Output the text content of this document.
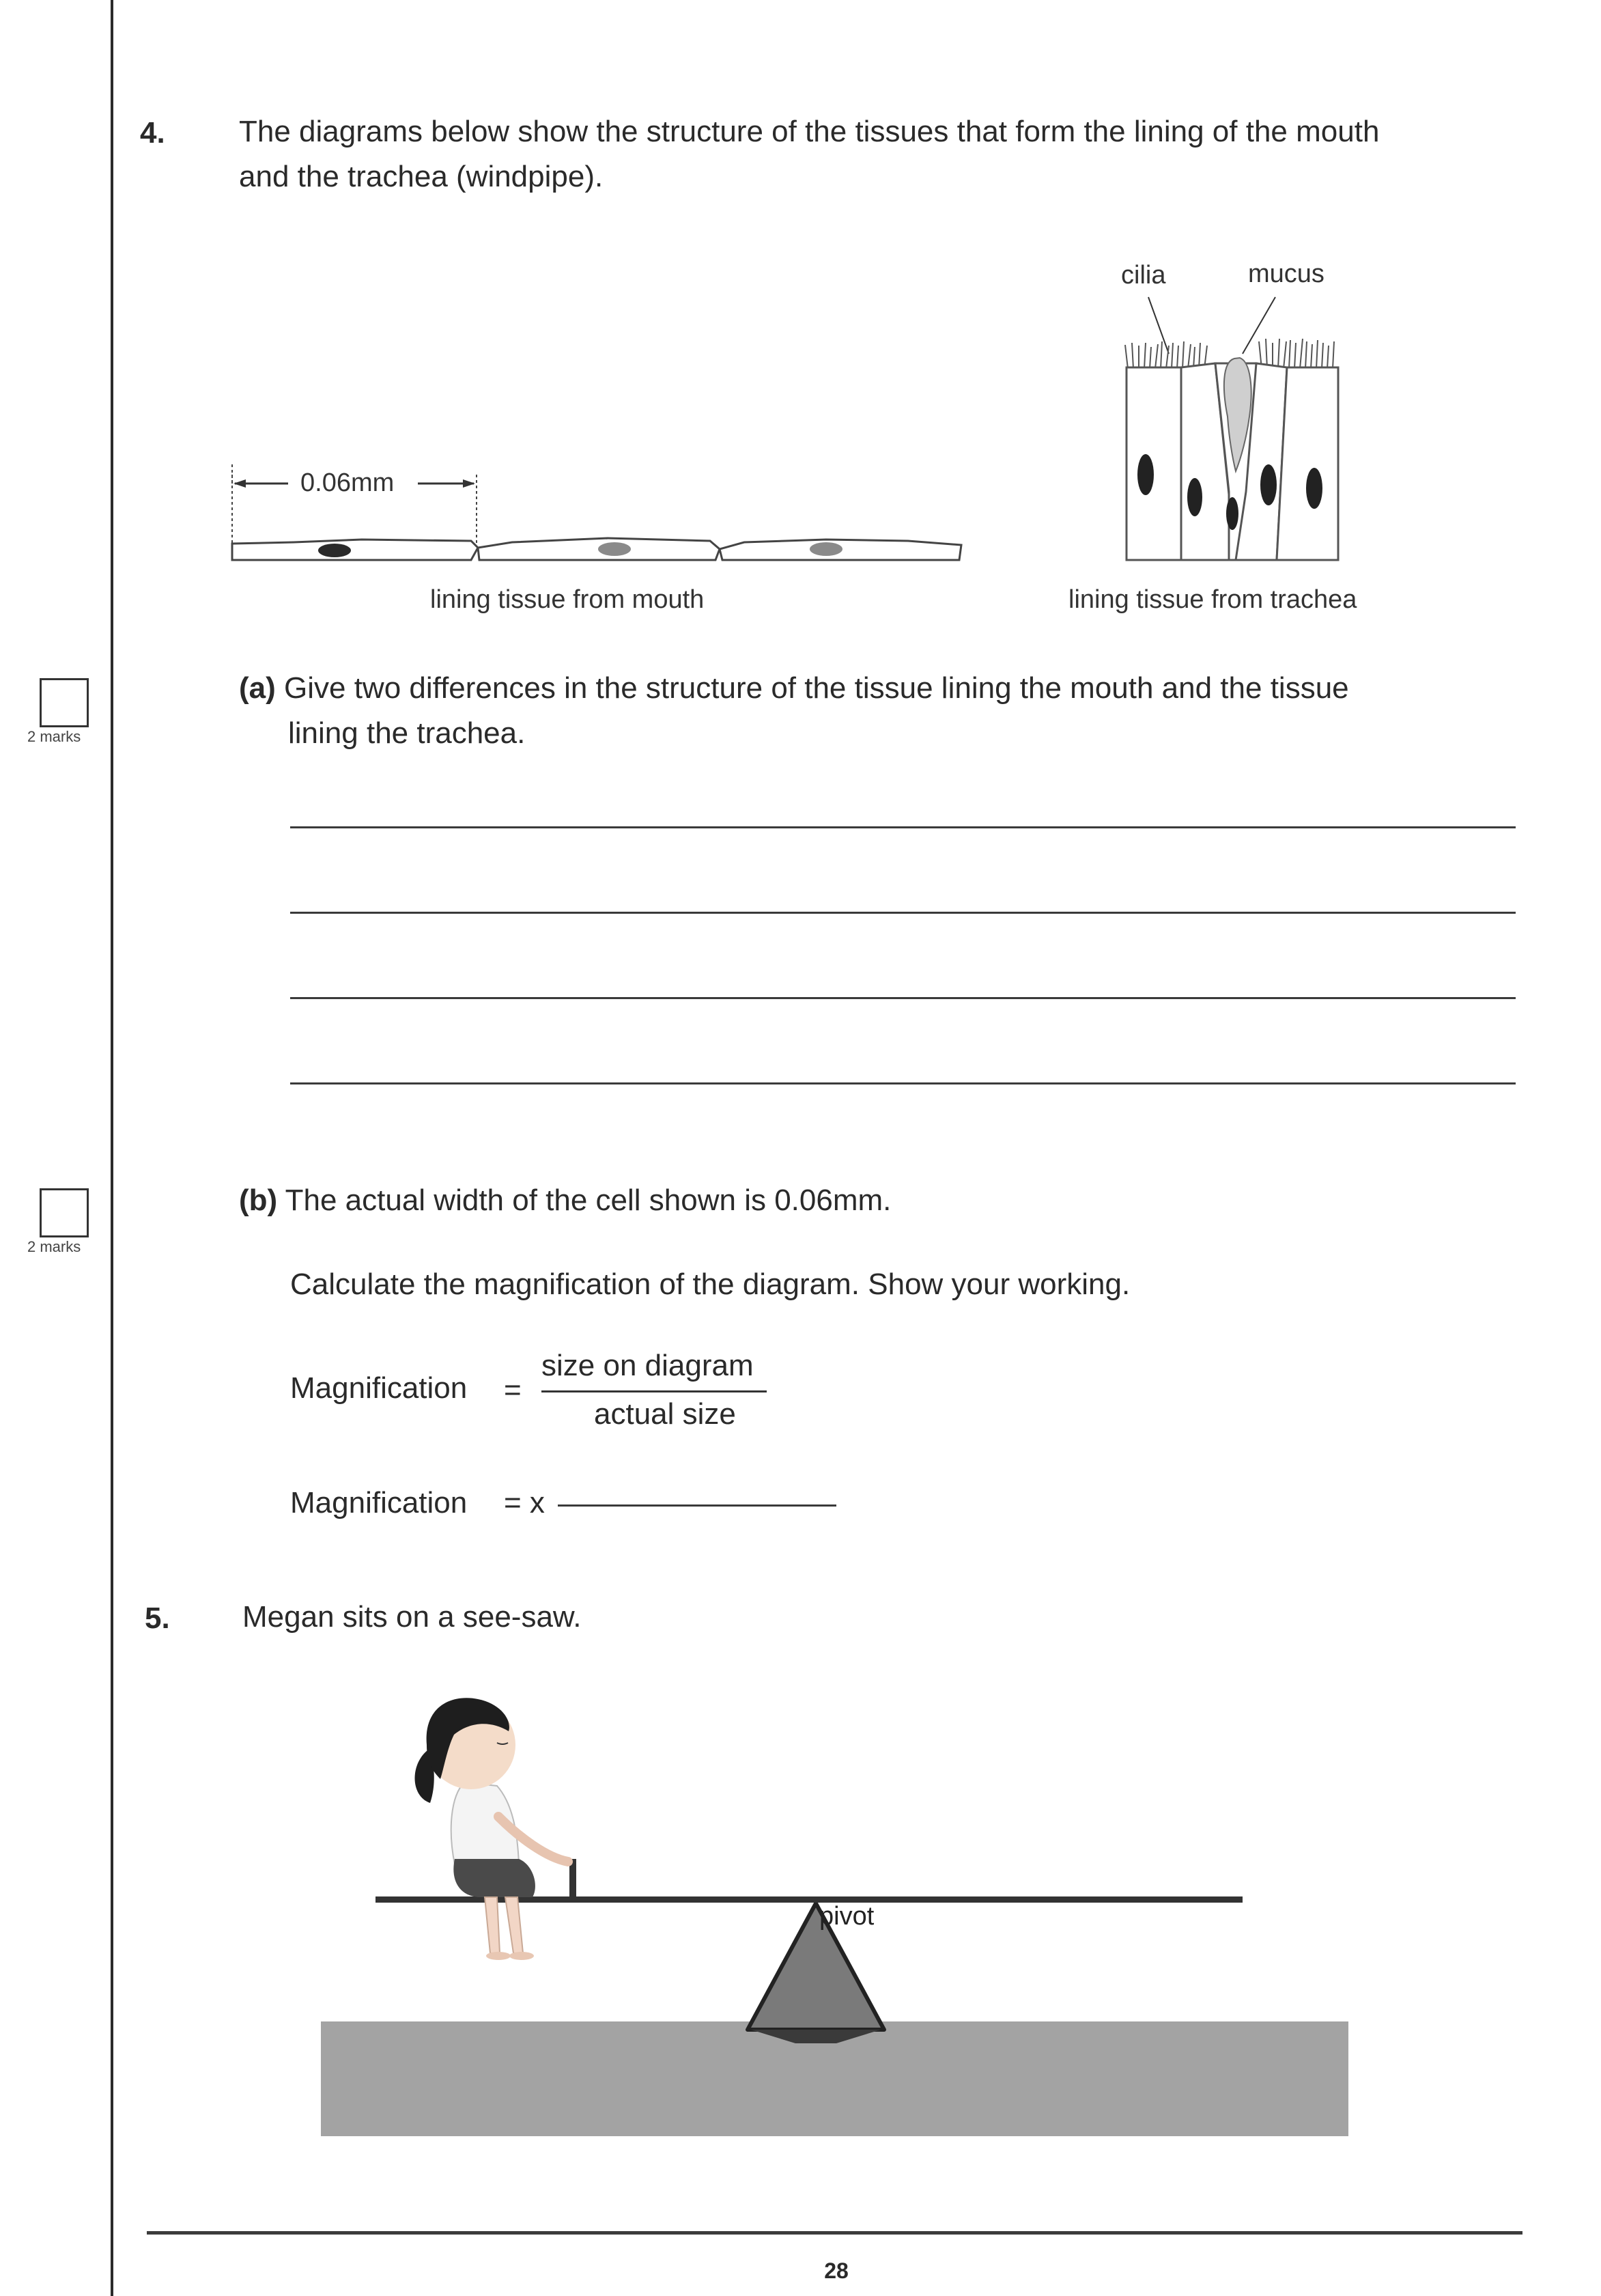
2 marks
2 marks
4. The diagrams below show the structure of the tissues that form the lining of the mouth
and the trachea (windpipe).
0.06mm
lining tissue from mouth
cilia	mucus
lining tissue from trachea
(a) Give two differences in the structure of the tissue lining the mouth and the tissue
lining the trachea.
(b) The actual width of the cell shown is 0.06mm.
Calculate the magnification of the diagram. Show your working.
Magnification =
size on diagram
actual size
Magnification = x
5. Megan sits on a see-saw.
pivot
28
